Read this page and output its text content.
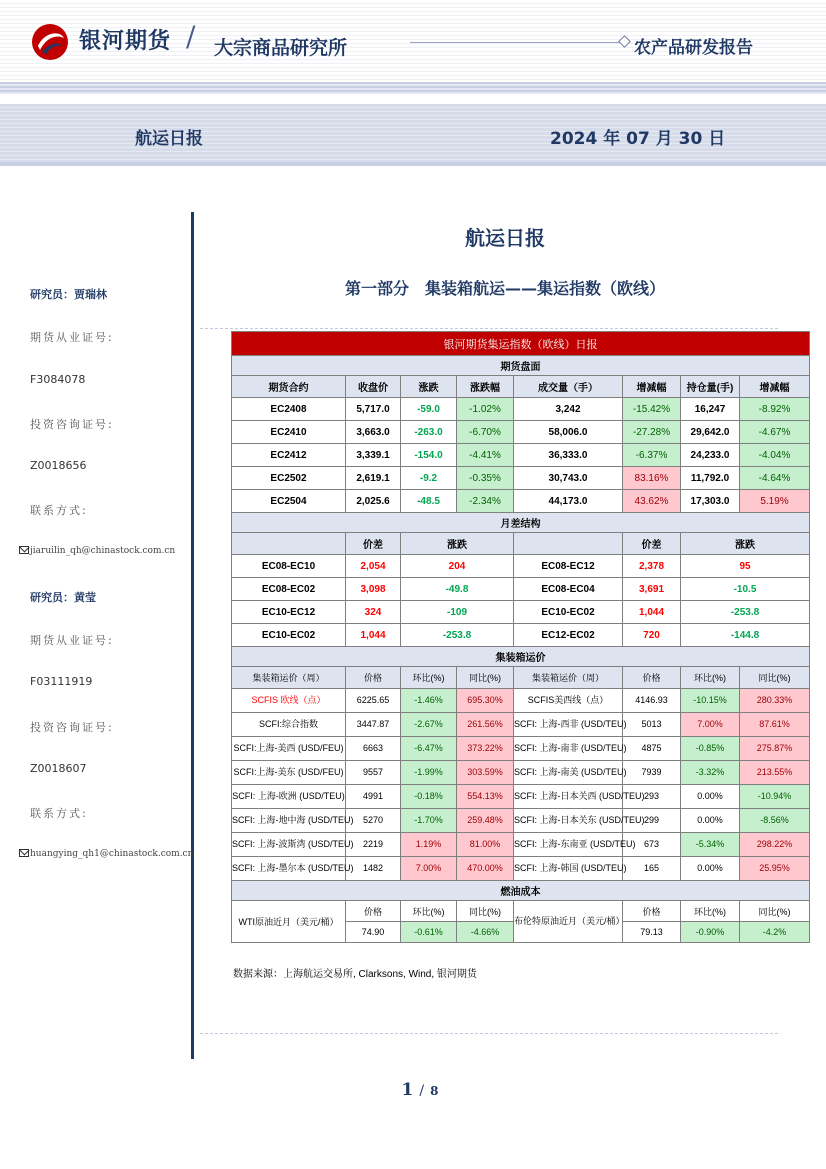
银河期货 / 大宗商品研究所	农产品研发报告
航运日报	2024 年 07 月 30 日
研究员：贾瑞林
期货从业证号:
F3084078
投资咨询证号:
Z0018656
联系方式:
jiaruilin_qh@chinastock.com.cn
研究员：黄莹
期货从业证号:
F03111919
投资咨询证号:
Z0018607
联系方式:
huangying_qh1@chinastock.com.cn
航运日报
第一部分　集装箱航运——集运指数（欧线）
银河期货集运指数（欧线）日报							
期货盘面							
期货合约	收盘价	涨跌	涨跌幅	成交量（手）	增减幅	持仓量(手)	增减幅
EC2408	5,717.0	-59.0	-1.02%	3,242	-15.42%	16,247	-8.92%
EC2410	3,663.0	-263.0	-6.70%	58,006.0	-27.28%	29,642.0	-4.67%
EC2412	3,339.1	-154.0	-4.41%	36,333.0	-6.37%	24,233.0	-4.04%
EC2502	2,619.1	-9.2	-0.35%	30,743.0	83.16%	11,792.0	-4.64%
EC2504	2,025.6	-48.5	-2.34%	44,173.0	43.62%	17,303.0	5.19%
月差结构							
	价差	涨跌			价差	涨跌	
EC08-EC10	2,054	204		EC08-EC12	2,378	95	
EC08-EC02	3,098	-49.8		EC08-EC04	3,691	-10.5	
EC10-EC12	324	-109		EC10-EC02	1,044	-253.8	
EC10-EC02	1,044	-253.8		EC12-EC02	720	-144.8	
集装箱运价							
集装箱运价（周）	价格	环比(%)	同比(%)	集装箱运价（周）	价格	环比(%)	同比(%)
SCFIS 欧线（点）	6225.65	-1.46%	695.30%	SCFIS美西线（点）	4146.93	-10.15%	280.33%
SCFI:综合指数	3447.87	-2.67%	261.56%	SCFI: 上海-西非 (USD/TEU)	5013	7.00%	87.61%
SCFI:上海-美西 (USD/FEU)	6663	-6.47%	373.22%	SCFI: 上海-南非 (USD/TEU)	4875	-0.85%	275.87%
SCFI:上海-美东 (USD/FEU)	9557	-1.99%	303.59%	SCFI: 上海-南美 (USD/TEU)	7939	-3.32%	213.55%
SCFI: 上海-欧洲 (USD/TEU)	4991	-0.18%	554.13%	SCFI: 上海-日本关西 (USD/TEU)	293	0.00%	-10.94%
SCFI: 上海-地中海 (USD/TEU)	5270	-1.70%	259.48%	SCFI: 上海-日本关东 (USD/TEU)	299	0.00%	-8.56%
SCFI: 上海-波斯湾 (USD/TEU)	2219	1.19%	81.00%	SCFI: 上海-东南亚 (USD/TEU)	673	-5.34%	298.22%
SCFI: 上海-墨尔本 (USD/TEU)	1482	7.00%	470.00%	SCFI: 上海-韩国 (USD/TEU)	165	0.00%	25.95%
燃油成本							
WTI原油近月（美元/桶）	价格	环比(%)	同比(%)	布伦特原油近月（美元/桶）	价格	环比(%)	同比(%)
	74.90	-0.61%	-4.66%		79.13	-0.90%	-4.2%
数据来源：上海航运交易所, Clarksons, Wind, 银河期货
1 / 8
